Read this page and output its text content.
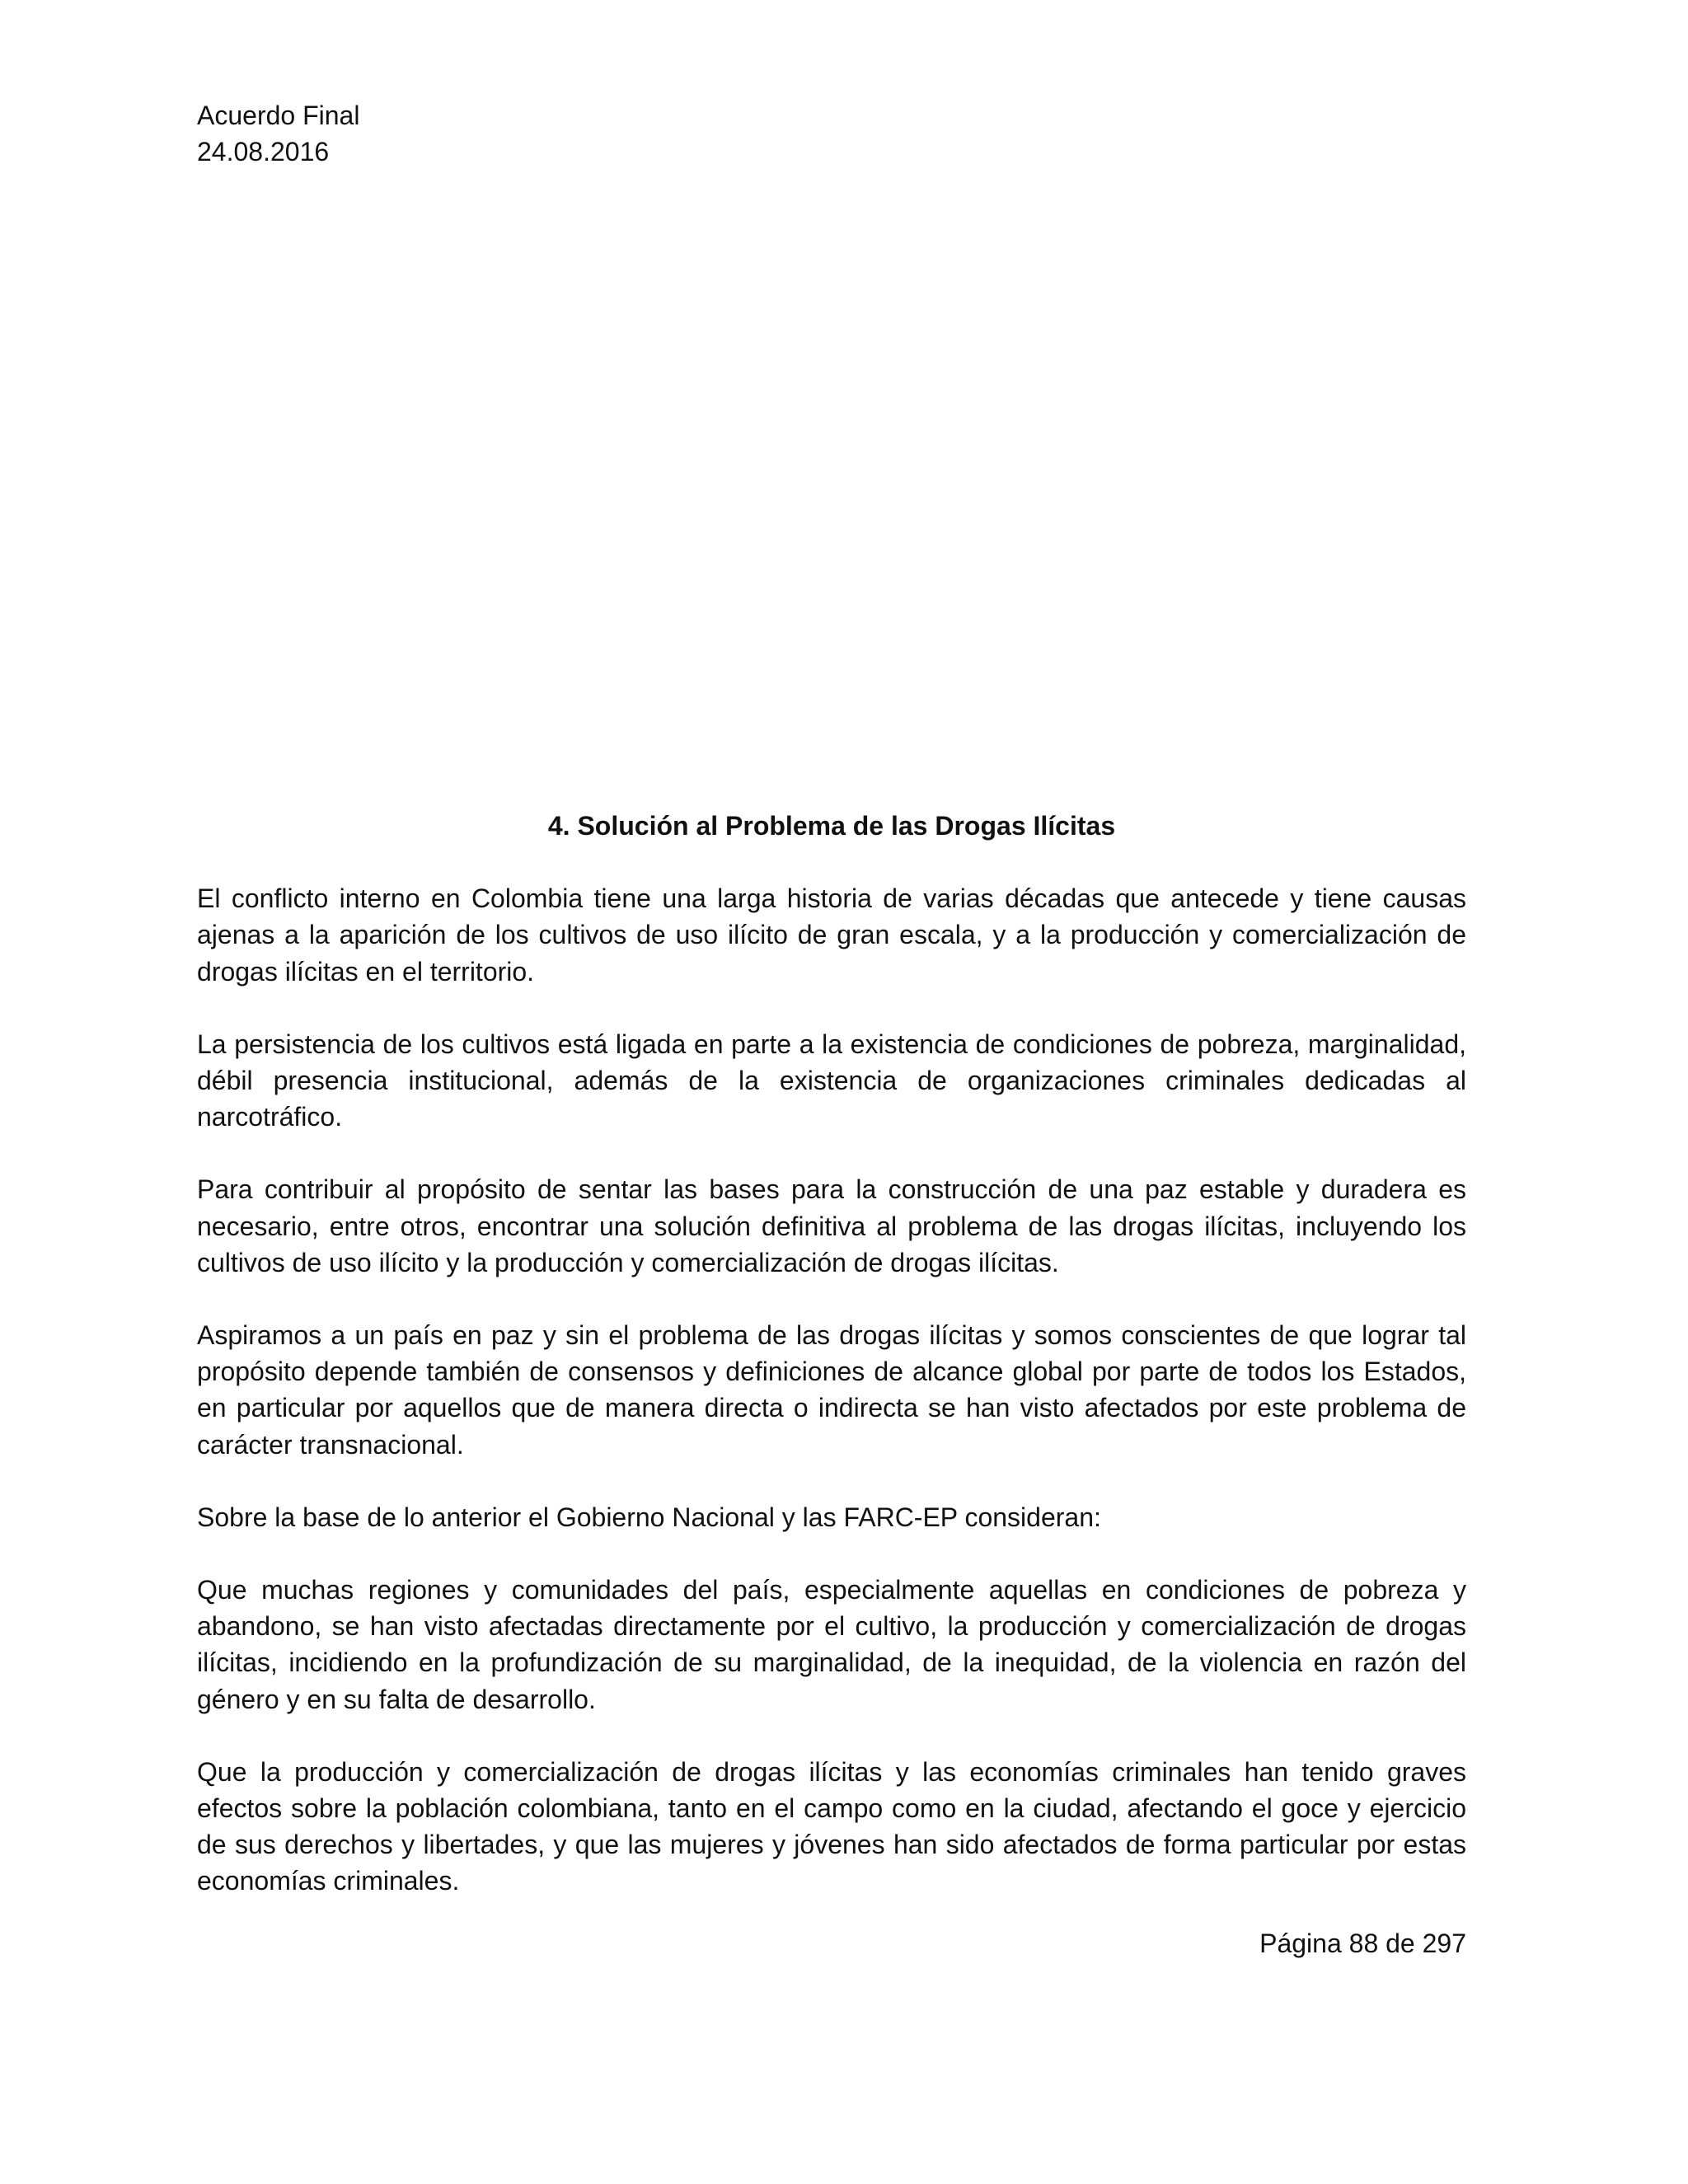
Acuerdo Final
24.08.2016
4. Solución al Problema de las Drogas Ilícitas

El conflicto interno en Colombia tiene una larga historia de varias décadas que antecede y tiene causas ajenas a la aparición de los cultivos de uso ilícito de gran escala, y a la producción y comercialización de drogas ilícitas en el territorio.

La persistencia de los cultivos está ligada en parte a la existencia de condiciones de pobreza, marginalidad, débil presencia institucional, además de la existencia de organizaciones criminales dedicadas al narcotráfico.

Para contribuir al propósito de sentar las bases para la construcción de una paz estable y duradera es necesario, entre otros, encontrar una solución definitiva al problema de las drogas ilícitas, incluyendo los cultivos de uso ilícito y la producción y comercialización de drogas ilícitas.

Aspiramos a un país en paz y sin el problema de las drogas ilícitas y somos conscientes de que lograr tal propósito depende también de consensos y definiciones de alcance global por parte de todos los Estados, en particular por aquellos que de manera directa o indirecta se han visto afectados por este problema de carácter transnacional.

Sobre la base de lo anterior el Gobierno Nacional y las FARC-EP consideran:

Que muchas regiones y comunidades del país, especialmente aquellas en condiciones de pobreza y abandono, se han visto afectadas directamente por el cultivo, la producción y comercialización de drogas ilícitas, incidiendo en la profundización de su marginalidad, de la inequidad, de la violencia en razón del género y en su falta de desarrollo.

Que la producción y comercialización de drogas ilícitas y las economías criminales han tenido graves efectos sobre la población colombiana, tanto en el campo como en la ciudad, afectando el goce y ejercicio de sus derechos y libertades, y que las mujeres y jóvenes han sido afectados de forma particular por estas economías criminales.

Página 88 de 297
